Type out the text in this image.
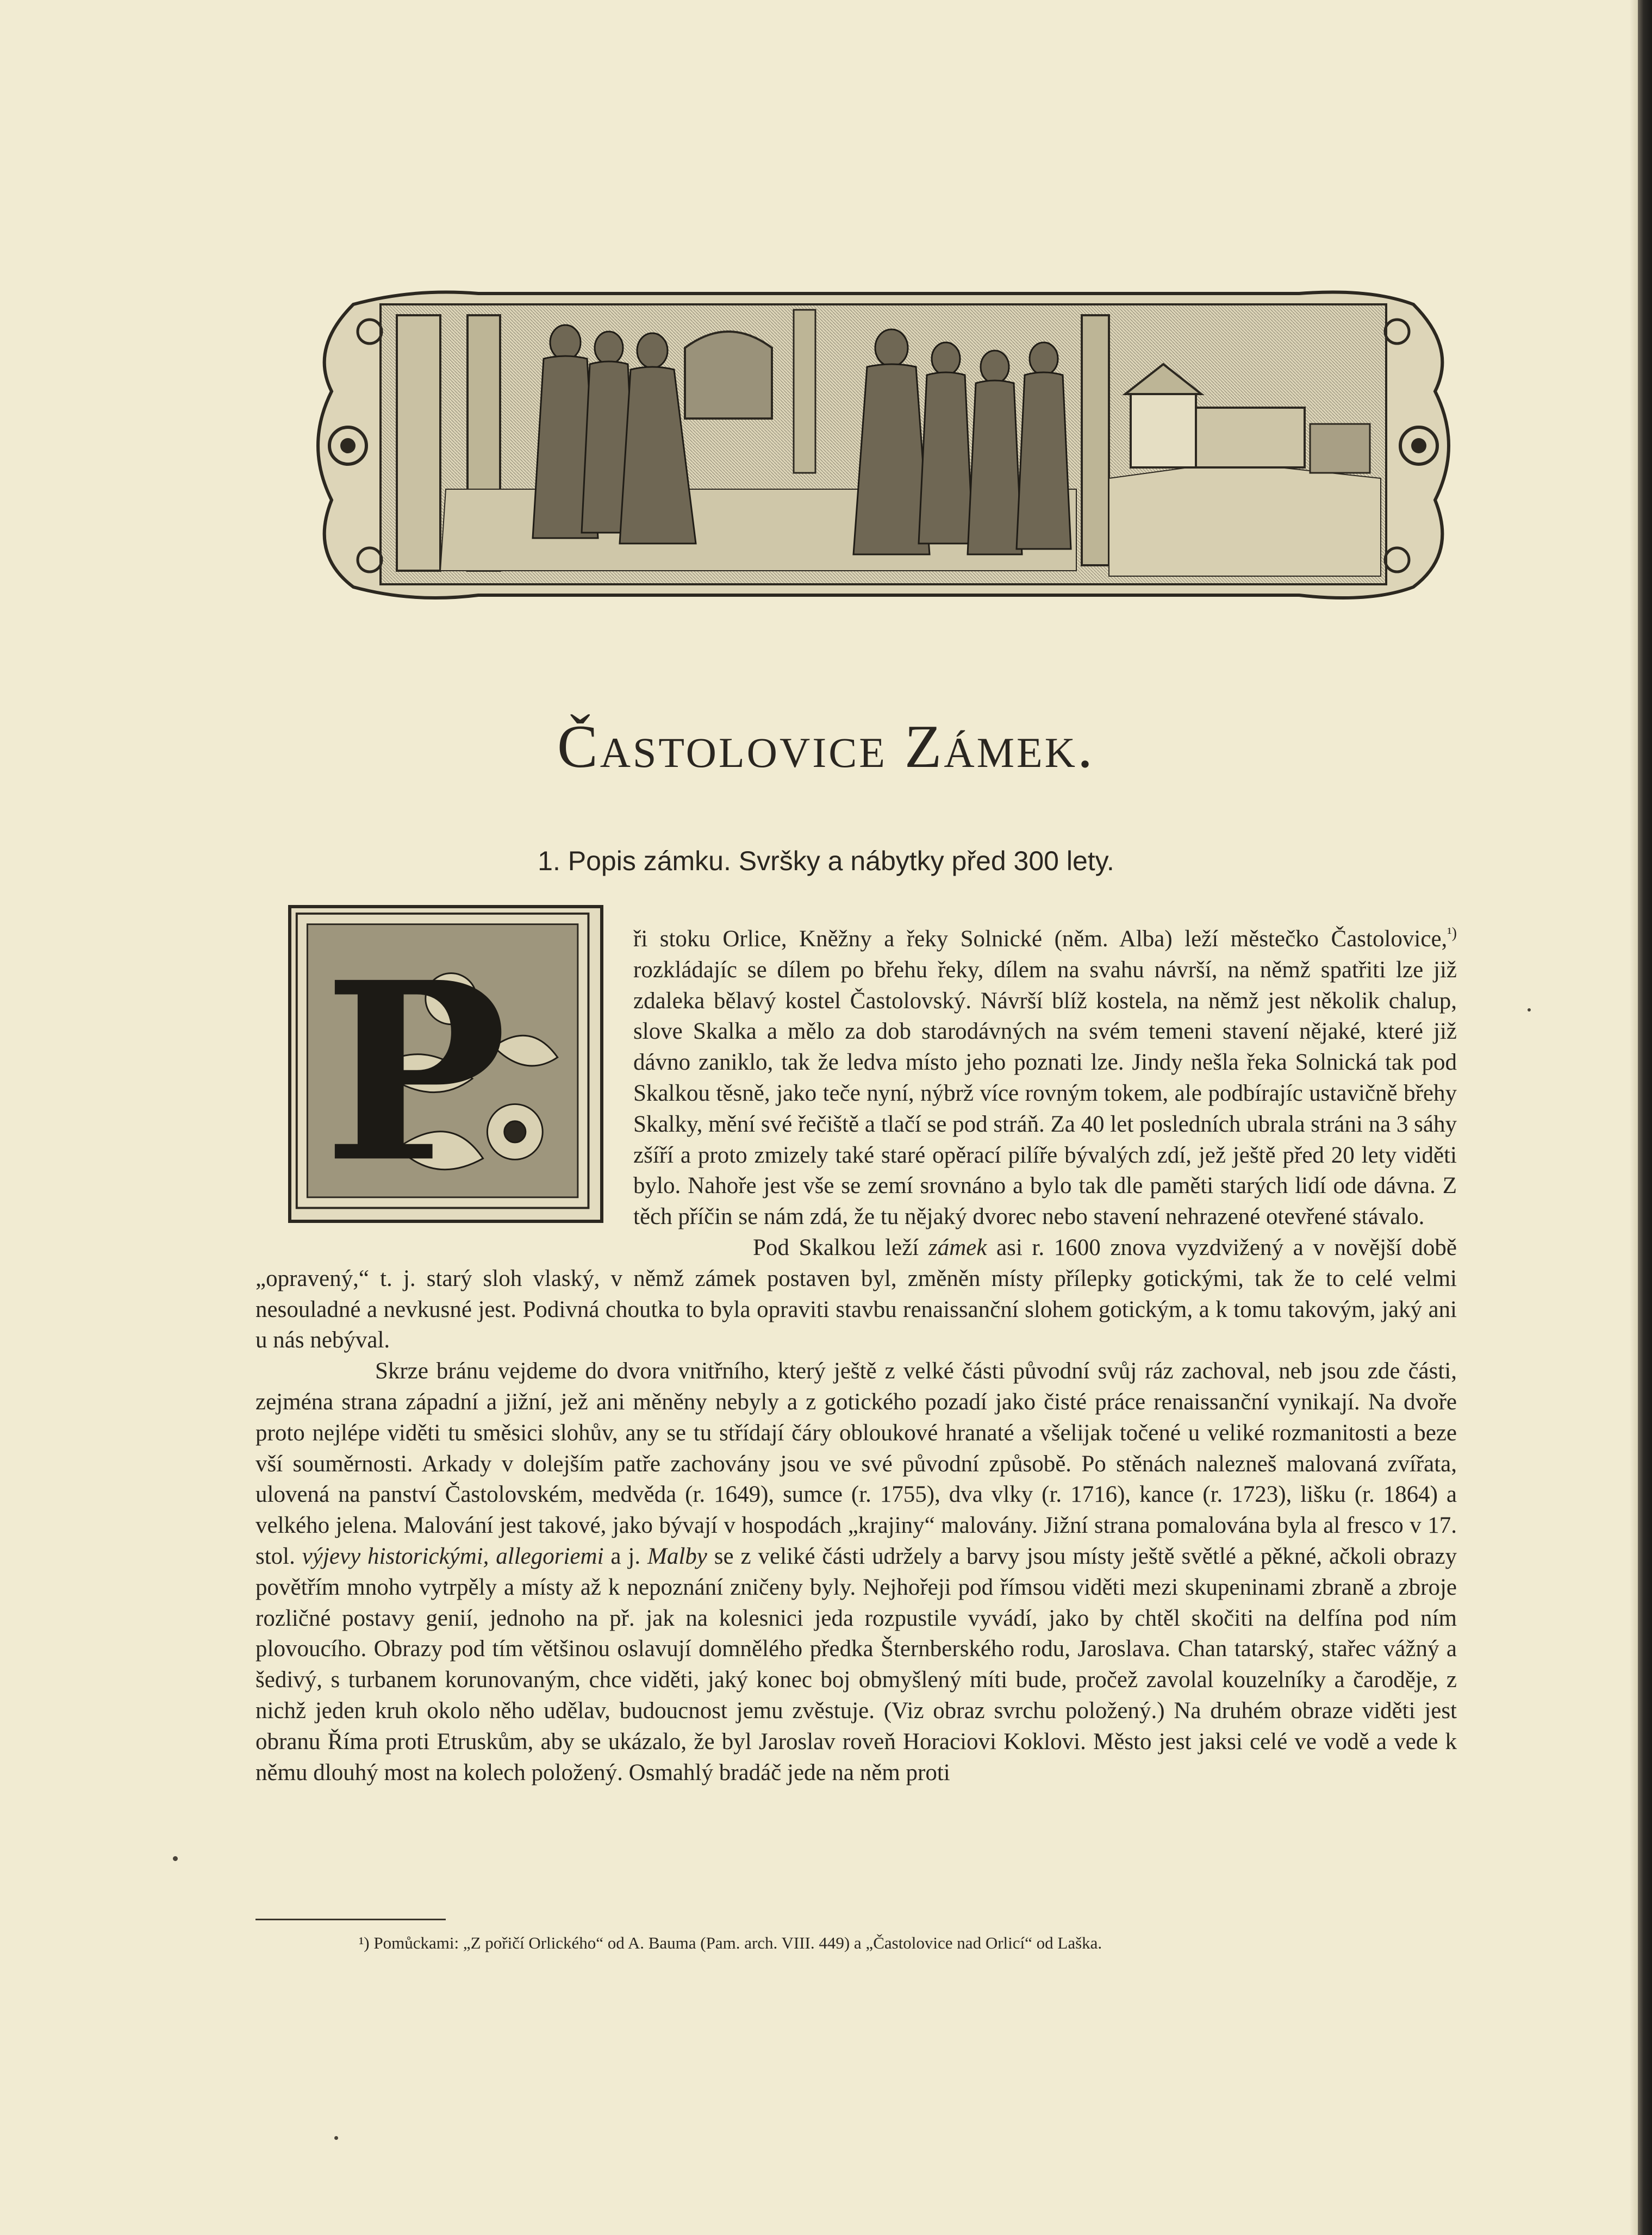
Častolovice Zámek.
1. Popis zámku. Svršky a nábytky před 300 lety.
P	ři stoku Orlice, Kněžny a řeky Solnické (něm. Alba) leží městečko Častolovice,$^{^1)}$ rozkládajíc se dílem po břehu řeky, dílem na svahu návrší, na němž spatřiti lze již zdaleka bělavý kostel Častolovský. Návrší blíž kostela, na němž jest několik chalup, slove Skalka a mělo za dob starodávných na svém temeni stavení nějaké, které již dávno zaniklo, tak že ledva místo jeho poznati lze. Jindy nešla řeka Solnická tak pod Skalkou těsně, jako teče nyní, nýbrž více rovným tokem, ale podbírajíc ustavičně břehy Skalky, mění své řečiště a tlačí se pod stráň. Za 40 let posledních ubrala stráni na 3 sáhy zšíří a proto zmizely také staré opěrací pilíře bývalých zdí, jež ještě před 20 lety viděti bylo. Nahoře jest vše se zemí srovnáno a bylo tak dle paměti starých lidí ode dávna. Z těch příčin se nám zdá, že tu nějaký dvorec nebo stavení nehrazené otevřené stávalo.

Pod Skalkou leží zámek asi r. 1600 znova vyzdvižený a v novější době „opravený,“ t. j. starý sloh vlaský, v němž zámek postaven byl, změněn místy přílepky gotickými, tak že to celé velmi nesouladné a nevkusné jest. Podivná choutka to byla opraviti stavbu renaissanční slohem gotickým, a k tomu takovým, jaký ani u nás nebýval.

Skrze bránu vejdeme do dvora vnitřního, který ještě z velké části původní svůj ráz zachoval, neb jsou zde části, zejména strana západní a jižní, jež ani měněny nebyly a z gotického pozadí jako čisté práce renaissanční vynikají. Na dvoře proto nejlépe viděti tu směsici slohův, any se tu střídají čáry obloukové hranaté a všelijak točené u veliké rozmanitosti a beze vší souměrnosti. Arkady v dolejším patře zachovány jsou ve své původní způsobě. Po stěnách nalezneš malovaná zvířata, ulovená na panství Častolovském, medvěda (r. 1649), sumce (r. 1755), dva vlky (r. 1716), kance (r. 1723), lišku (r. 1864) a velkého jelena. Malování jest takové, jako bývají v hospodách „krajiny“ malovány. Jižní strana pomalována byla al fresco v 17. stol. výjevy historickými, allegoriemi a j. Malby se z veliké části udržely a barvy jsou místy ještě světlé a pěkné, ačkoli obrazy povětřím mnoho vytrpěly a místy až k nepoznání zničeny byly. Nejhořeji pod římsou viděti mezi skupeninami zbraně a zbroje rozličné postavy genií, jednoho na př. jak na kolesnici jeda rozpustile vyvádí, jako by chtěl skočiti na delfína pod ním plovoucího. Obrazy pod tím většinou oslavují domnělého předka Šternberského rodu, Jaroslava. Chan tatarský, stařec vážný a šedivý, s turbanem korunovaným, chce viděti, jaký konec boj obmyšlený míti bude, pročež zavolal kouzelníky a čaroděje, z nichž jeden kruh okolo něho udělav, budoucnost jemu zvěstuje. (Viz obraz svrchu položený.) Na druhém obraze viděti jest obranu Říma proti Etruskům, aby se ukázalo, že byl Jaroslav roveň Horaciovi Koklovi. Město jest jaksi celé ve vodě a vede k němu dlouhý most na kolech položený. Osmahlý bradáč jede na něm proti

¹) Pomůckami: „Z pořičí Orlického“ od A. Bauma (Pam. arch. VIII. 449) a „Častolovice nad Orlicí“ od Laška.
